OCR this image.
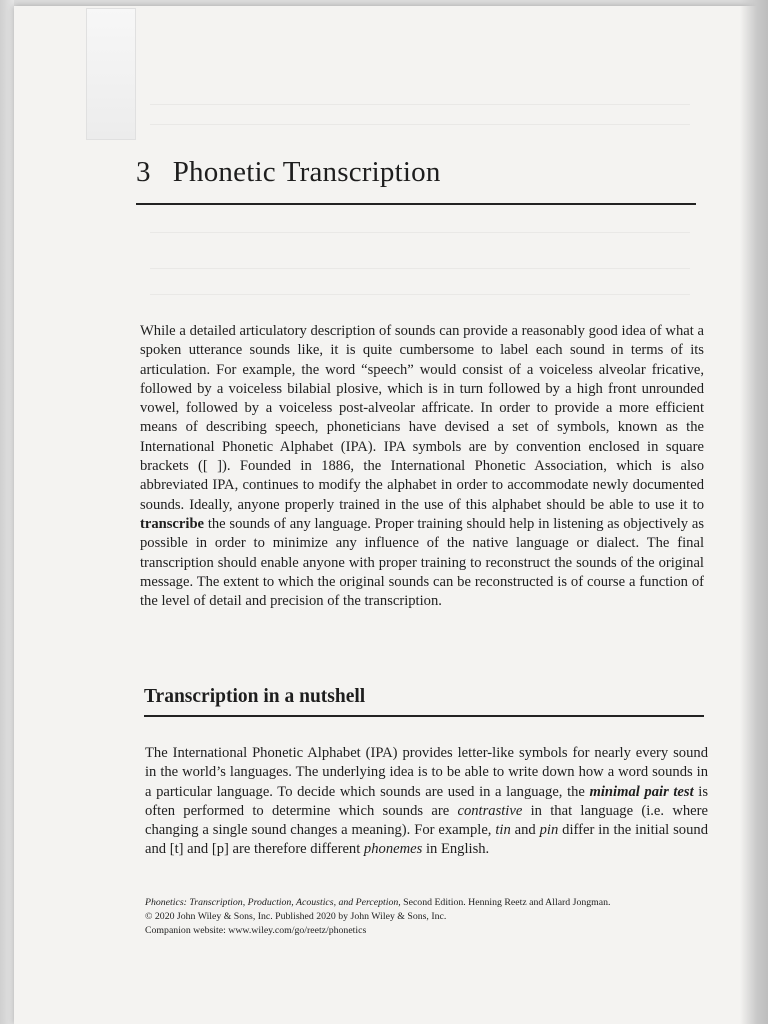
3 Phonetic Transcription

While a detailed articulatory description of sounds can provide a reasonably good idea of what a spoken utterance sounds like, it is quite cumbersome to label each sound in terms of its articulation. For example, the word “speech” would consist of a voiceless alveolar fricative, followed by a voiceless bilabial plosive, which is in turn followed by a high front unrounded vowel, followed by a voiceless post-alveolar affricate. In order to provide a more efficient means of describing speech, phoneticians have devised a set of symbols, known as the International Phonetic Alphabet (IPA). IPA symbols are by convention enclosed in square brackets ([ ]). Founded in 1886, the International Phonetic Association, which is also abbreviated IPA, continues to modify the alphabet in order to accommodate newly documented sounds. Ideally, anyone properly trained in the use of this alphabet should be able to use it to transcribe the sounds of any language. Proper training should help in listening as objectively as possible in order to minimize any influence of the native language or dialect. The final transcription should enable anyone with proper training to reconstruct the sounds of the original message. The extent to which the original sounds can be reconstructed is of course a function of the level of detail and precision of the transcription.

Transcription in a nutshell

The International Phonetic Alphabet (IPA) provides letter-like symbols for nearly every sound in the world’s languages. The underlying idea is to be able to write down how a word sounds in a particular language. To decide which sounds are used in a language, the minimal pair test is often performed to determine which sounds are contrastive in that language (i.e. where changing a single sound changes a meaning). For example, tin and pin differ in the initial sound and [t] and [p] are therefore different phonemes in English.

Phonetics: Transcription, Production, Acoustics, and Perception, Second Edition. Henning Reetz and Allard Jongman.
© 2020 John Wiley & Sons, Inc. Published 2020 by John Wiley & Sons, Inc.
Companion website: www.wiley.com/go/reetz/phonetics
